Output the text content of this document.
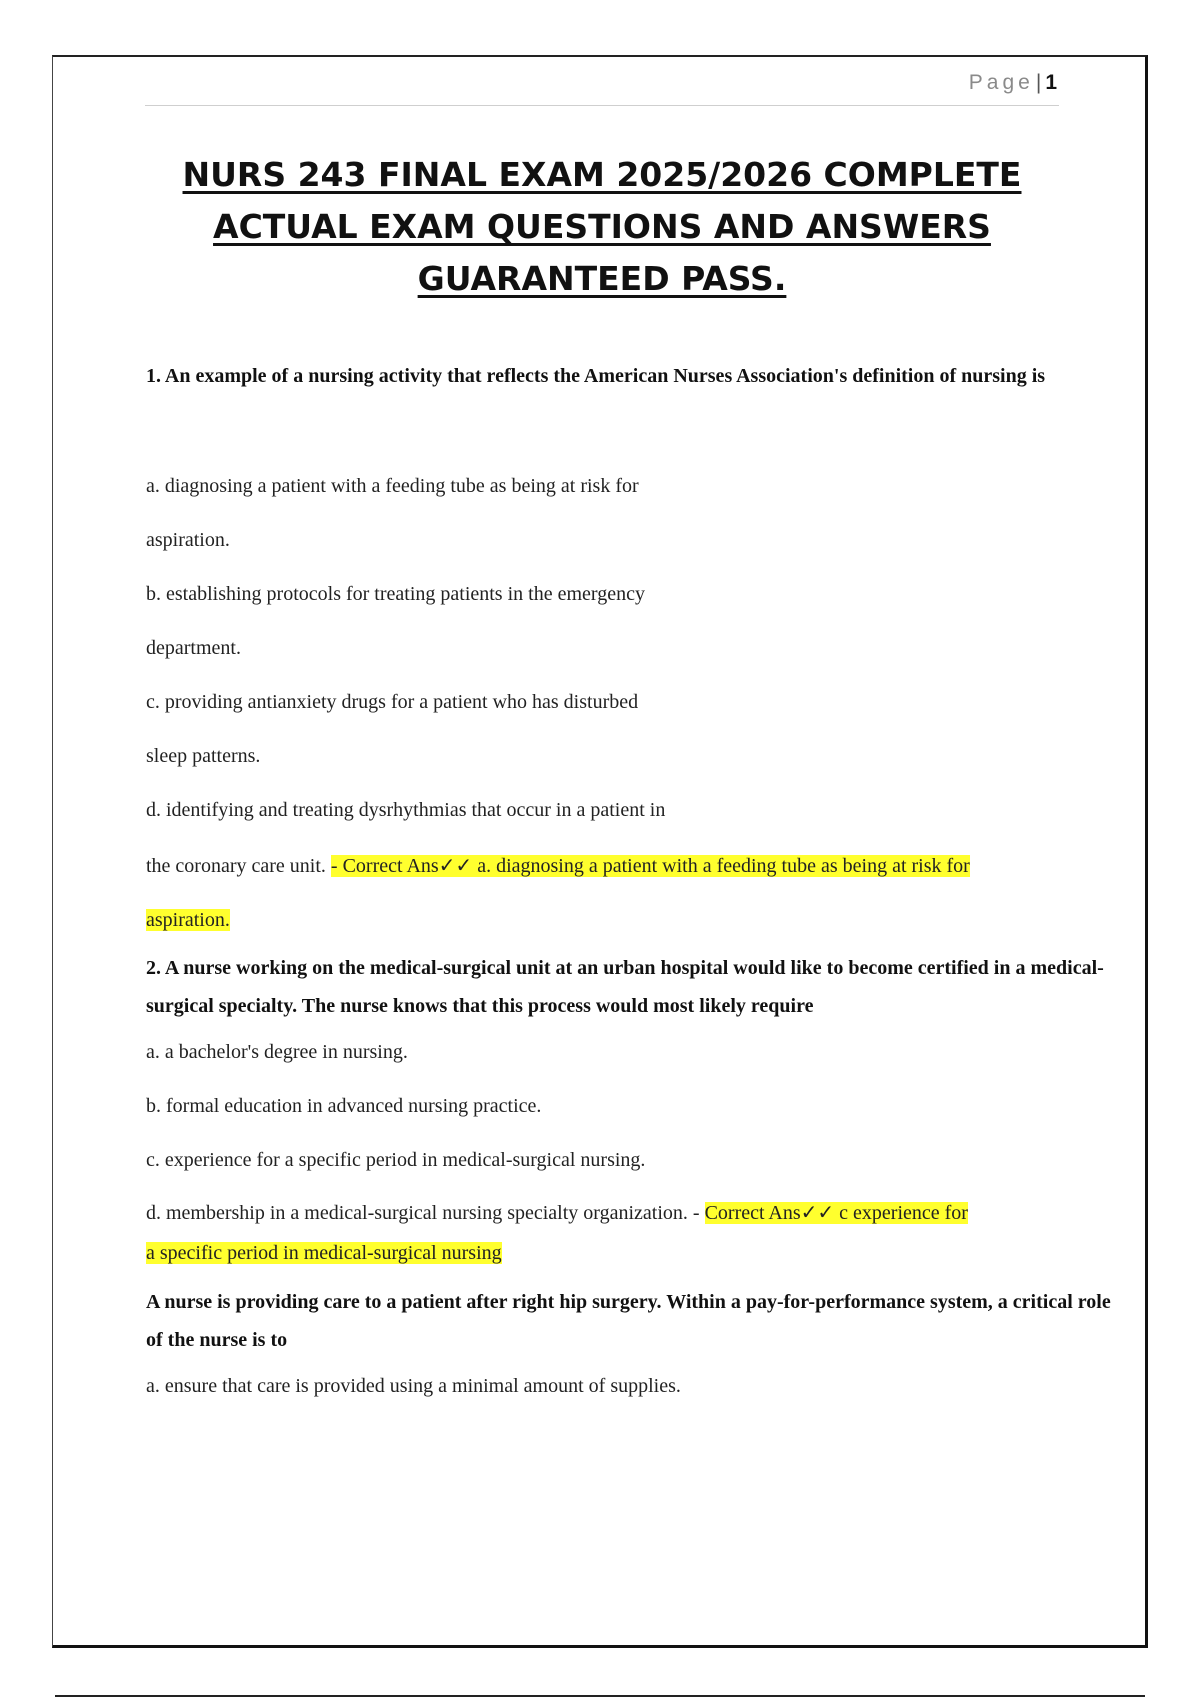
Page| 1
NURS 243 FINAL EXAM 2025/2026 COMPLETE
ACTUAL EXAM QUESTIONS AND ANSWERS
GUARANTEED PASS.

1. An example of a nursing activity that reflects the American Nurses Association's definition of nursing is

a. diagnosing a patient with a feeding tube as being at risk for

aspiration.

b. establishing protocols for treating patients in the emergency

department.

c. providing antianxiety drugs for a patient who has disturbed

sleep patterns.

d. identifying and treating dysrhythmias that occur in a patient in

the coronary care unit. - Correct Ans✓✓ a. diagnosing a patient with a feeding tube as being at risk for

aspiration.

2. A nurse working on the medical-surgical unit at an urban hospital would like to become certified in a medical-surgical specialty. The nurse knows that this process would most likely require

a. a bachelor's degree in nursing.

b. formal education in advanced nursing practice.

c. experience for a specific period in medical-surgical nursing.

d. membership in a medical-surgical nursing specialty organization. - Correct Ans✓✓ c experience for
a specific period in medical-surgical nursing

A nurse is providing care to a patient after right hip surgery. Within a pay-for-performance system, a critical role of the nurse is to

a. ensure that care is provided using a minimal amount of supplies.
